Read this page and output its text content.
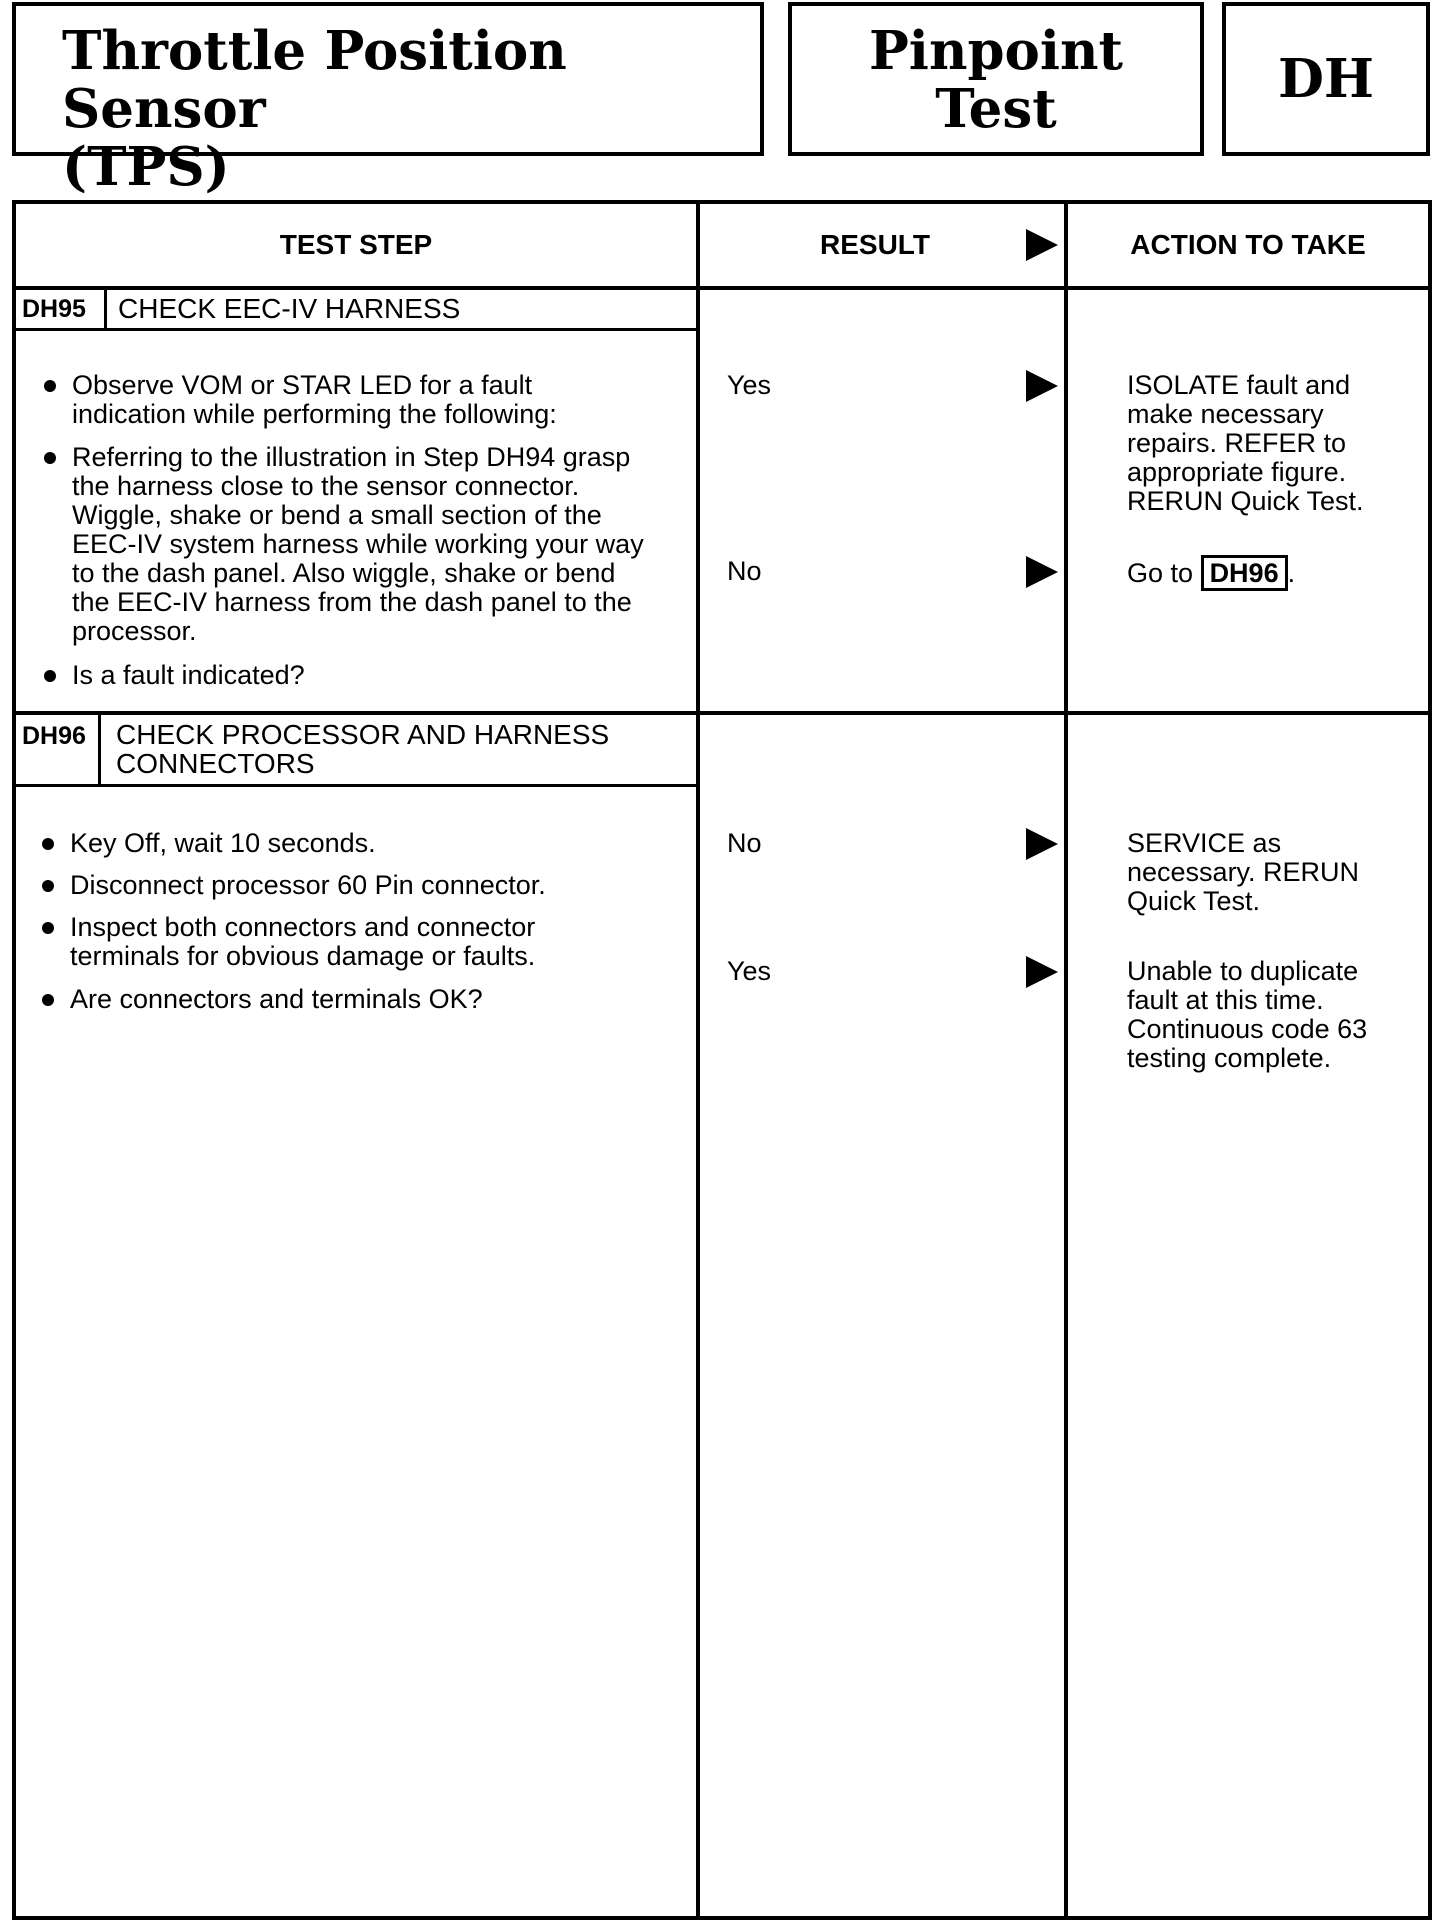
Throttle Position Sensor
(TPS)
Pinpoint
Test	DH
TEST STEP	RESULT	ACTION TO TAKE
DH95 CHECK EEC-IV HARNESS
Observe VOM or STAR LED for a fault
indication while performing the following:
Referring to the illustration in Step DH94 grasp
the harness close to the sensor connector.
Wiggle, shake or bend a small section of the
EEC-IV system harness while working your way
to the dash panel. Also wiggle, shake or bend
the EEC-IV harness from the dash panel to the
processor.
Is a fault indicated?
Yes	ISOLATE fault and
make necessary
repairs. REFER to
appropriate figure.
RERUN Quick Test.
No	Go to DH96 .
DH96 CHECK PROCESSOR AND HARNESS
CONNECTORS
Key Off, wait 10 seconds.
Disconnect processor 60 Pin connector.
Inspect both connectors and connector
terminals for obvious damage or faults.
Are connectors and terminals OK?
No	SERVICE as
necessary. RERUN
Quick Test.
Yes	Unable to duplicate
fault at this time.
Continuous code 63
testing complete.
